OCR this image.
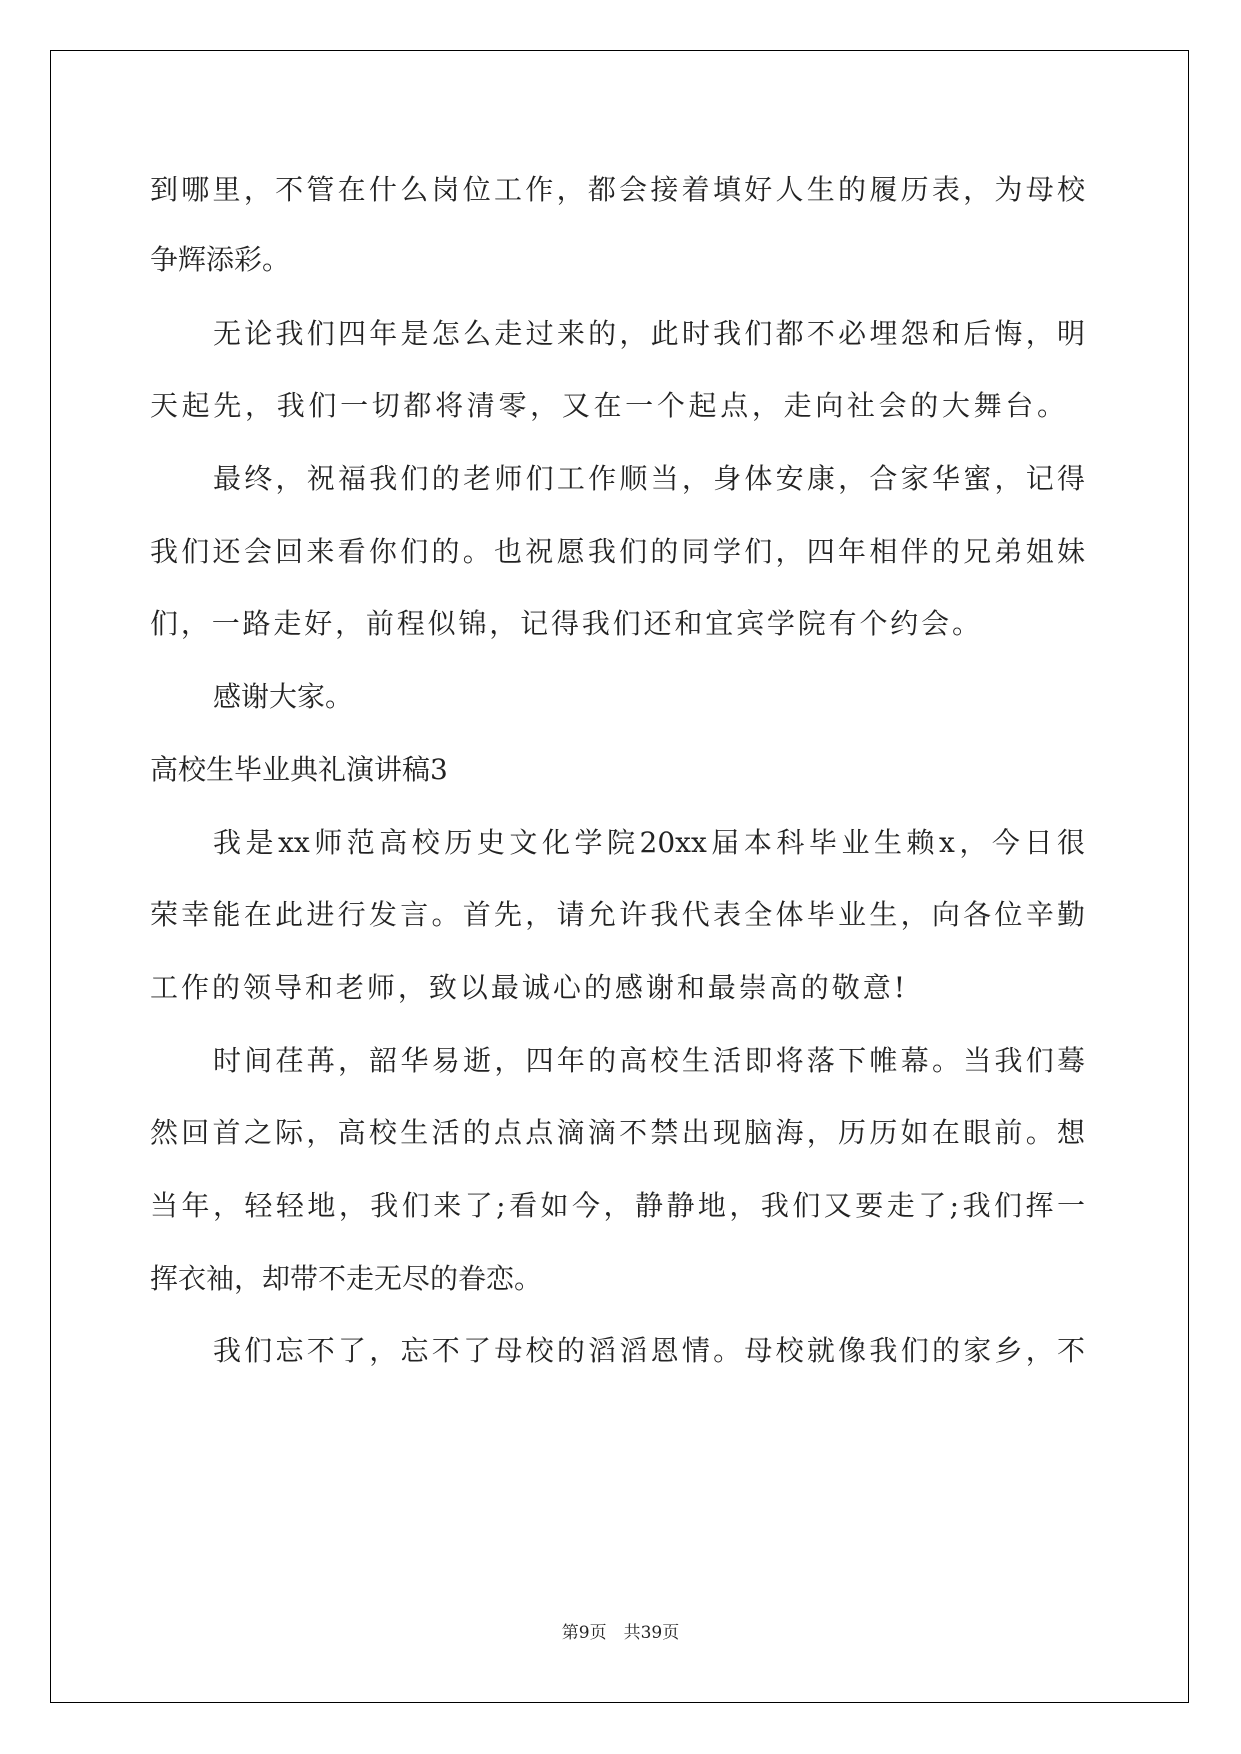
到哪里，不管在什么岗位工作，都会接着填好人生的履历表，为母校
争辉添彩。
无论我们四年是怎么走过来的，此时我们都不必埋怨和后悔，明
天起先，我们一切都将清零，又在一个起点，走向社会的大舞台。
最终，祝福我们的老师们工作顺当，身体安康，合家华蜜，记得
我们还会回来看你们的。也祝愿我们的同学们，四年相伴的兄弟姐妹
们，一路走好，前程似锦，记得我们还和宜宾学院有个约会。
感谢大家。
高校生毕业典礼演讲稿3
我是xx师范高校历史文化学院20xx届本科毕业生赖x，今日很
荣幸能在此进行发言。首先，请允许我代表全体毕业生，向各位辛勤
工作的领导和老师，致以最诚心的感谢和最崇高的敬意!
时间荏苒，韶华易逝，四年的高校生活即将落下帷幕。当我们蓦
然回首之际，高校生活的点点滴滴不禁出现脑海，历历如在眼前。想
当年，轻轻地，我们来了;看如今，静静地，我们又要走了;我们挥一
挥衣袖，却带不走无尽的眷恋。
我们忘不了，忘不了母校的滔滔恩情。母校就像我们的家乡，不
第9页　共39页
